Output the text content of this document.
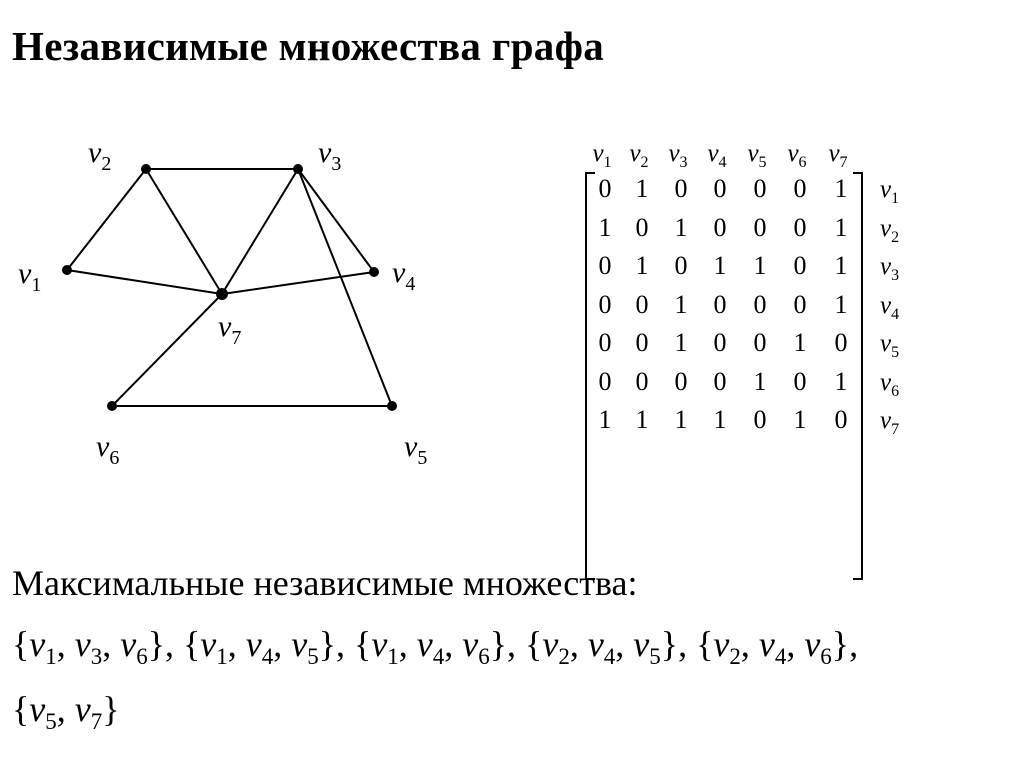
Независимые множества графа
$v_1$
$v_2$	$v_3$
$v_4$
$v_5$
$v_6$
$v_7$
$v_1$ $v_2$ $v_3$ $v_4$ $v_5$ $v_6$ $v_7$
0 1	0	0	0	0	1	$v_1$
1 0	1	0	0	0	1	$v_2$
0 1	0	1	1	0	1	$v_3$
0 0	1	0	0	0	1	$v_4$
0 0	1	0	0	1	0	$v_5$
0 0	0	0	1	0	1	$v_6$
1 1	1	1	0	1	0	$v_7$
Максимальные независимые множества:
{$v_1$, $v_3$, $v_6$}, {$v_1$, $v_4$, $v_5$}, {$v_1$, $v_4$, $v_6$}, {$v_2$, $v_4$, $v_5$}, {$v_2$, $v_4$, $v_6$},
{$v_5$, $v_7$}
